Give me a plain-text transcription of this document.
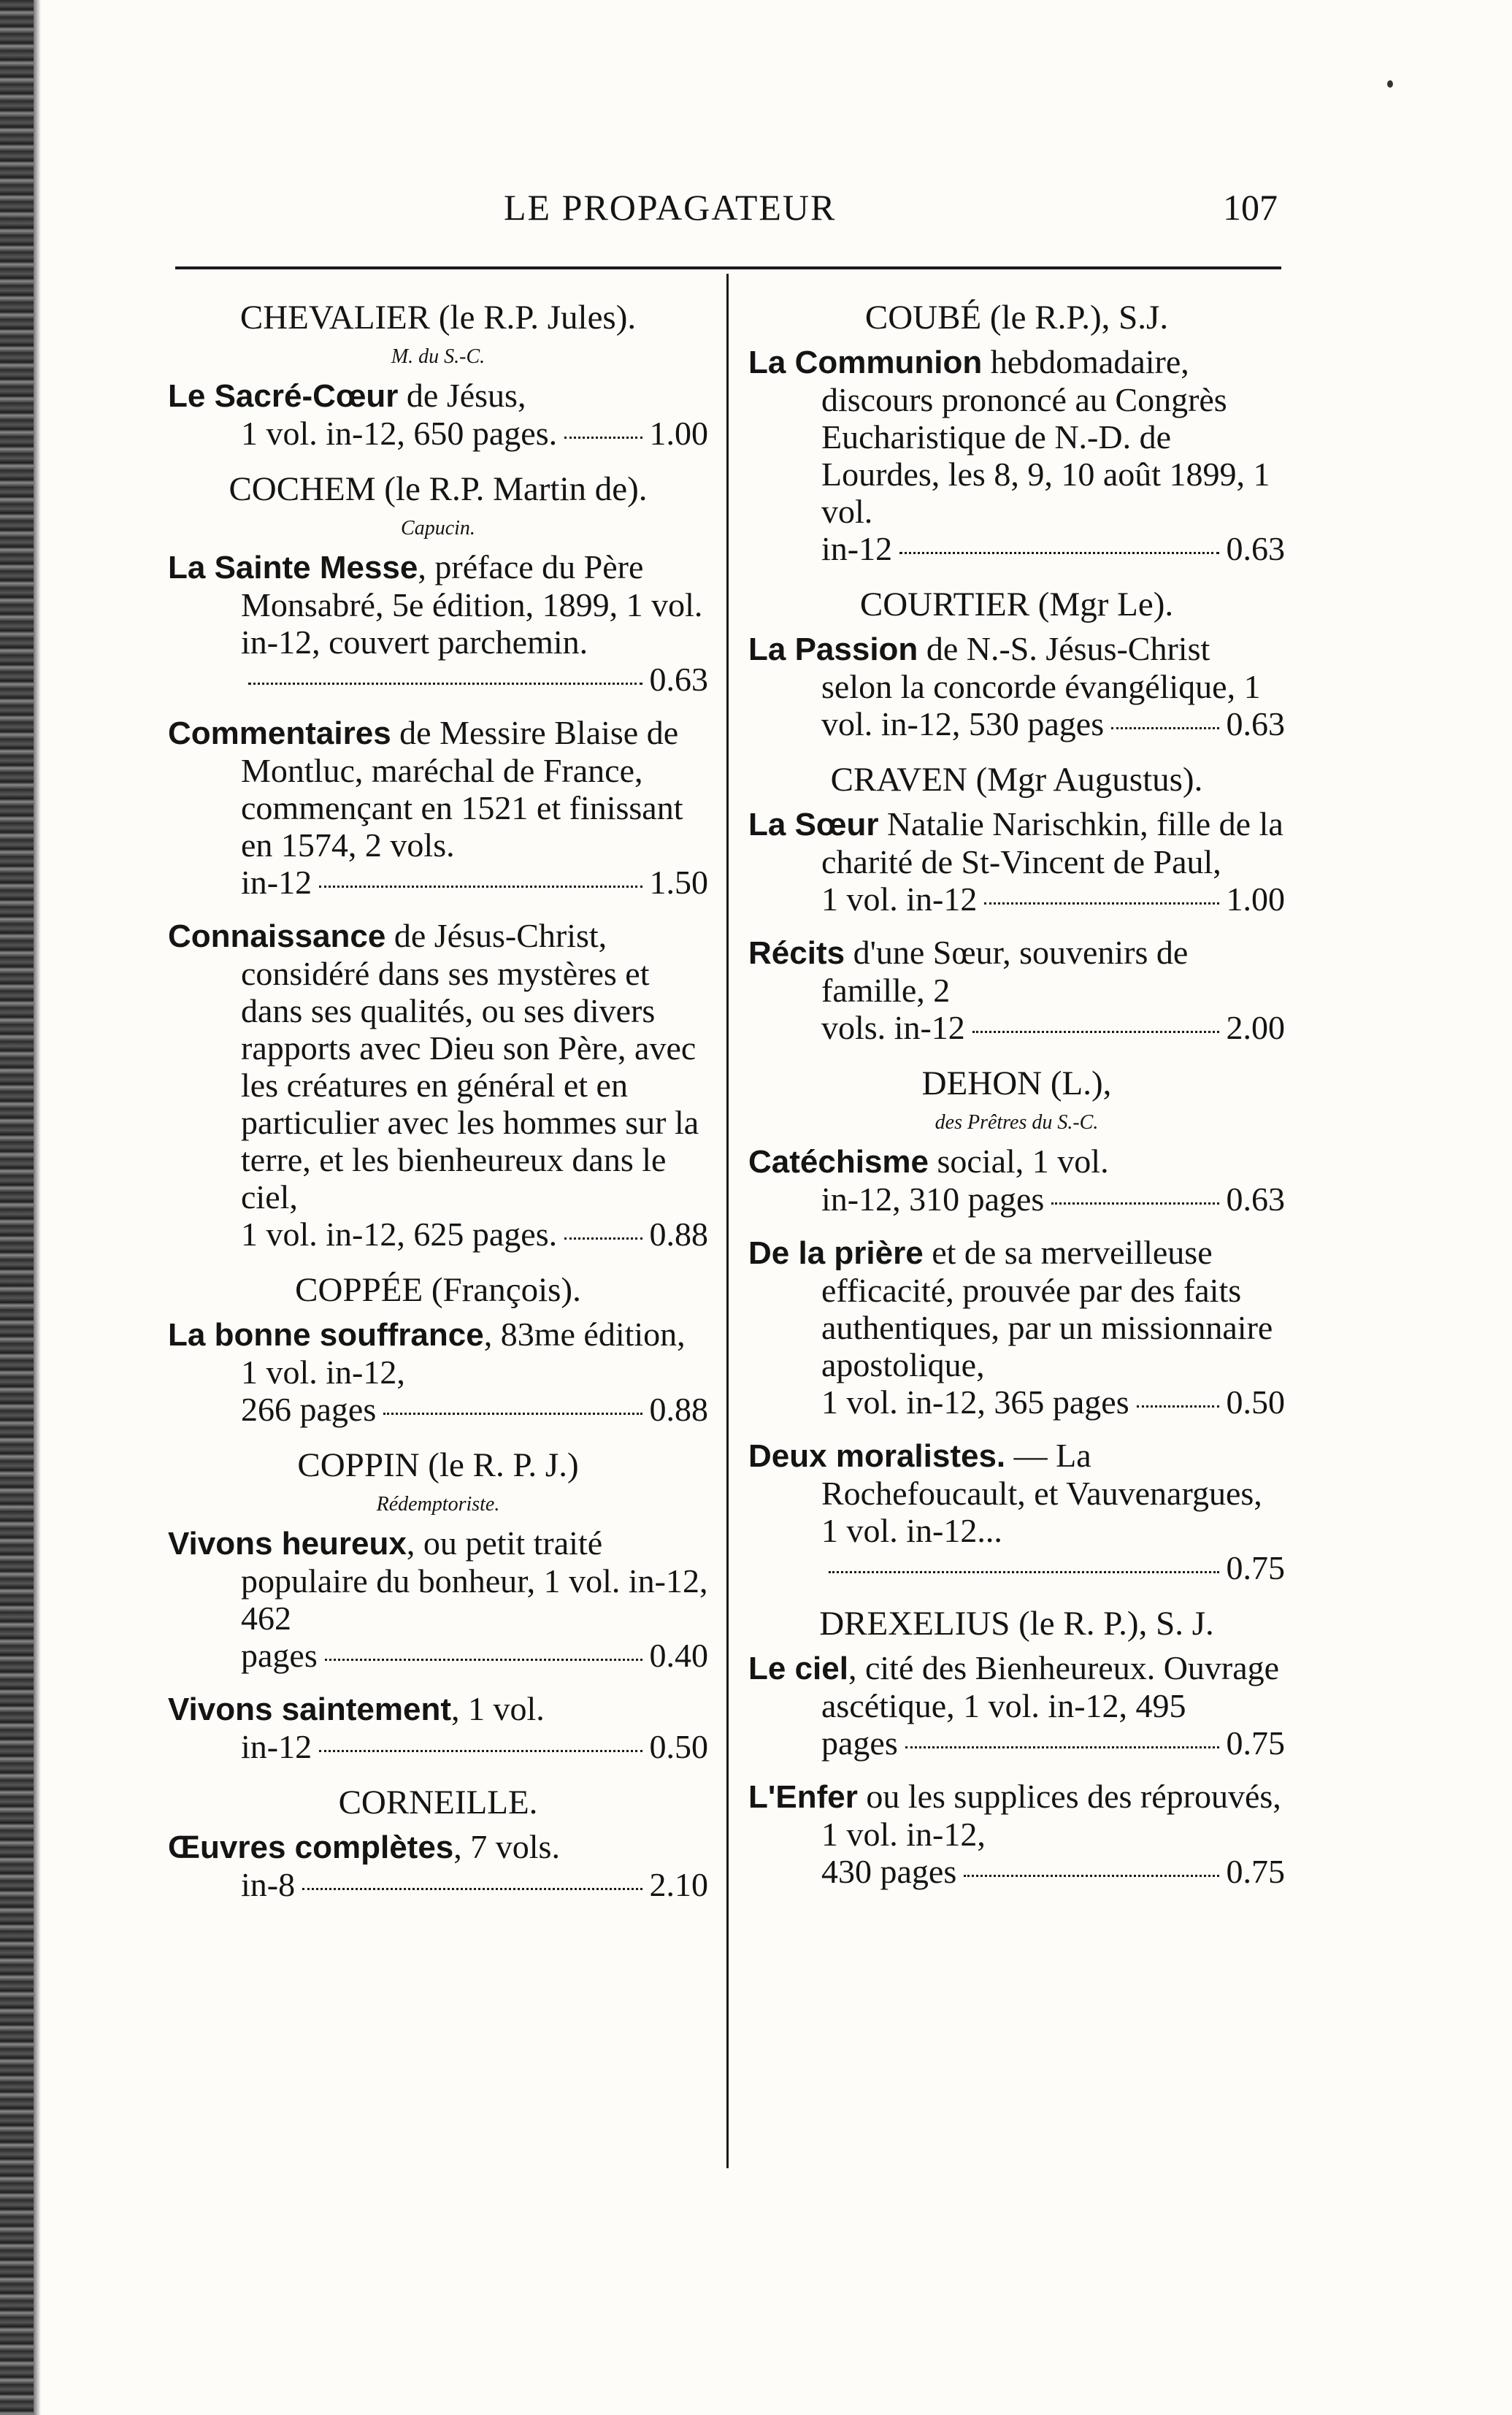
LE PROPAGATEUR	107
CHEVALIER (le R.P. Jules).
M. du S.-C.
Le Sacré-Cœur de Jésus,
1 vol. in-12, 650 pages.	1.00
COCHEM (le R.P. Martin de).
Capucin.
La Sainte Messe, préface du Père Monsabré, 5e édition, 1899, 1 vol. in-12, couvert parchemin.
0.63
Commentaires de Messire Blaise de Montluc, maréchal de France, commençant en 1521 et finissant en 1574, 2 vols.
in-12	1.50
Connaissance de Jésus-Christ, considéré dans ses mystères et dans ses qualités, ou ses divers rapports avec Dieu son Père, avec les créatures en général et en particulier avec les hommes sur la terre, et les bienheureux dans le ciel,
1 vol. in-12, 625 pages.	0.88
COPPÉE (François).
La bonne souffrance, 83me édition, 1 vol. in-12,
266 pages	0.88
COPPIN (le R. P. J.)
Rédemptoriste.
Vivons heureux, ou petit traité populaire du bonheur, 1 vol. in-12, 462
pages	0.40
Vivons saintement, 1 vol.
in-12	0.50
CORNEILLE.
Œuvres complètes, 7 vols.
in-8	2.10
COUBÉ (le R.P.), S.J.
La Communion hebdomadaire, discours prononcé au Congrès Eucharistique de N.-D. de Lourdes, les 8, 9, 10 août 1899, 1 vol.
in-12	0.63
COURTIER (Mgr Le).
La Passion de N.-S. Jésus-Christ selon la concorde évangélique, 1
vol. in-12, 530 pages	0.63
CRAVEN (Mgr Augustus).
La Sœur Natalie Narischkin, fille de la charité de St-Vincent de Paul,
1 vol. in-12	1.00
Récits d'une Sœur, souvenirs de famille, 2
vols. in-12	2.00
DEHON (L.),
des Prêtres du S.-C.
Catéchisme social, 1 vol.
in-12, 310 pages	0.63
De la prière et de sa merveilleuse efficacité, prouvée par des faits authentiques, par un missionnaire apostolique,
1 vol. in-12, 365 pages	0.50
Deux moralistes. — La Rochefoucault, et Vauvenargues, 1 vol. in-12...
0.75
DREXELIUS (le R. P.), S. J.
Le ciel, cité des Bienheureux. Ouvrage ascétique, 1 vol. in-12, 495
pages	0.75
L'Enfer ou les supplices des réprouvés, 1 vol. in-12,
430 pages	0.75
